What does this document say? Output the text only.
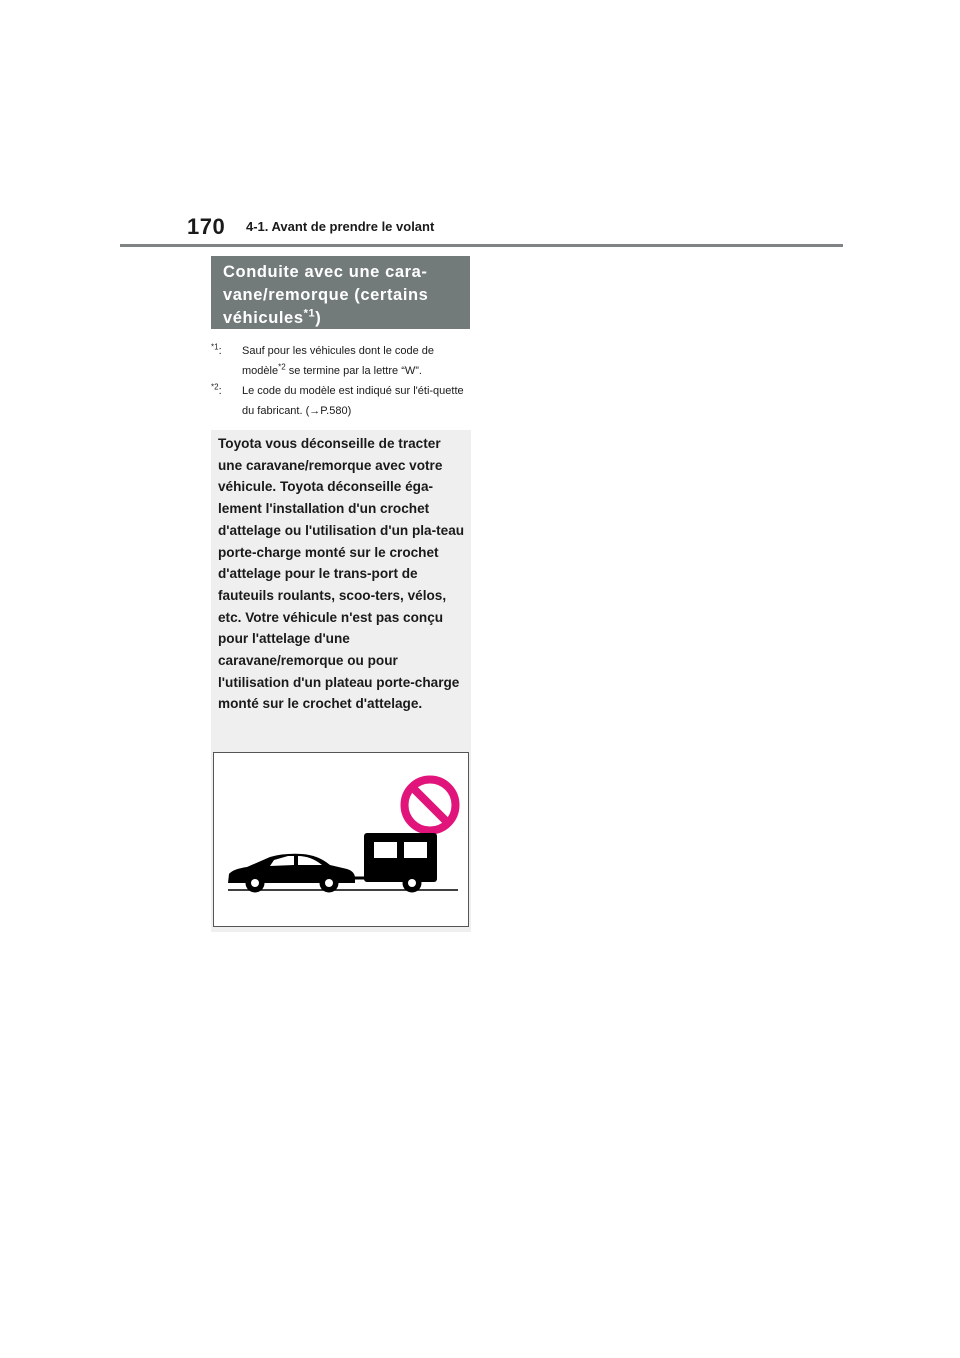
170 4-1. Avant de prendre le volant
Conduite avec une cara-vane/remorque (certains véhicules$^{*1}$)
$^{*1}$: Sauf pour les véhicules dont le code de modèle$^{*2}$ se termine par la lettre “W”.
$^{*2}$: Le code du modèle est indiqué sur l'éti-quette du fabricant. (→P.580)

Toyota vous déconseille de tracter une caravane/remorque avec votre véhicule. Toyota déconseille éga-lement l'installation d'un crochet d'attelage ou l'utilisation d'un pla-teau porte-charge monté sur le crochet d'attelage pour le trans-port de fauteuils roulants, scoo-ters, vélos, etc. Votre véhicule n'est pas conçu pour l'attelage d'une caravane/remorque ou pour l'utilisation d'un plateau porte-charge monté sur le crochet d'attelage.
